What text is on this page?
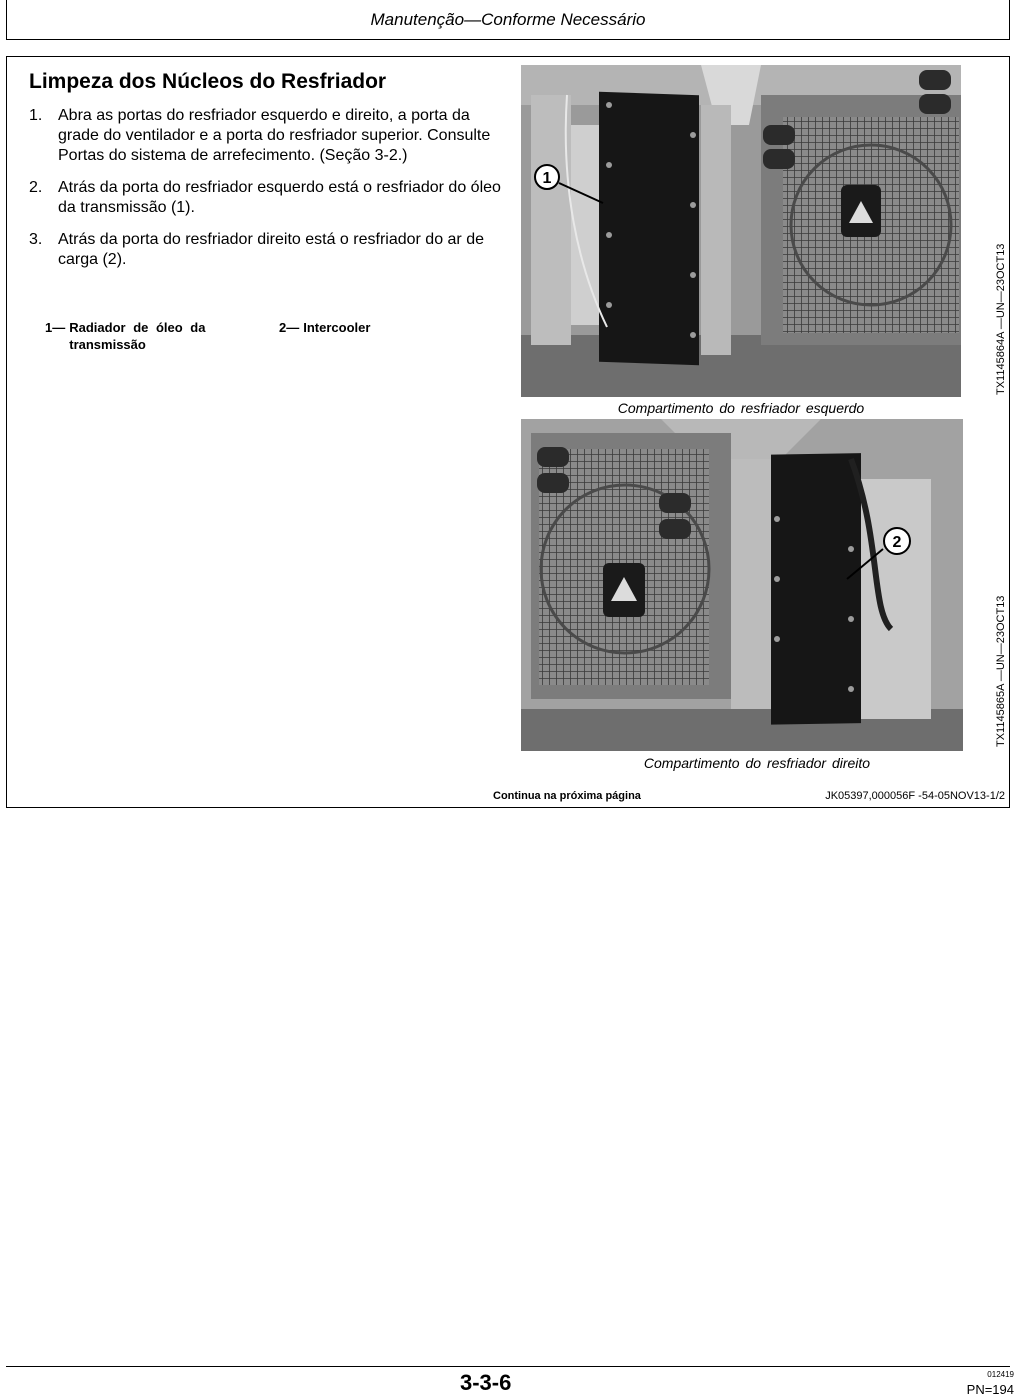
Manutenção—Conforme Necessário
Limpeza dos Núcleos do Resfriador
1. Abra as portas do resfriador esquerdo e direito, a porta da grade do ventilador e a porta do resfriador superior. Consulte Portas do sistema de arrefecimento. (Seção 3-2.)
2. Atrás da porta do resfriador esquerdo está o resfriador do óleo da transmissão (1).
3. Atrás da porta do resfriador direito está o resfriador do ar de carga (2).
1— Radiador de óleo da transmissão
2— Intercooler
1
Compartimento do resfriador esquerdo
TX1145864A —UN—23OCT13
2
Compartimento do resfriador direito
TX1145865A —UN—23OCT13
Continua na próxima página	JK05397,000056F -54-05NOV13-1/2
3-3-6	012419
PN=194
